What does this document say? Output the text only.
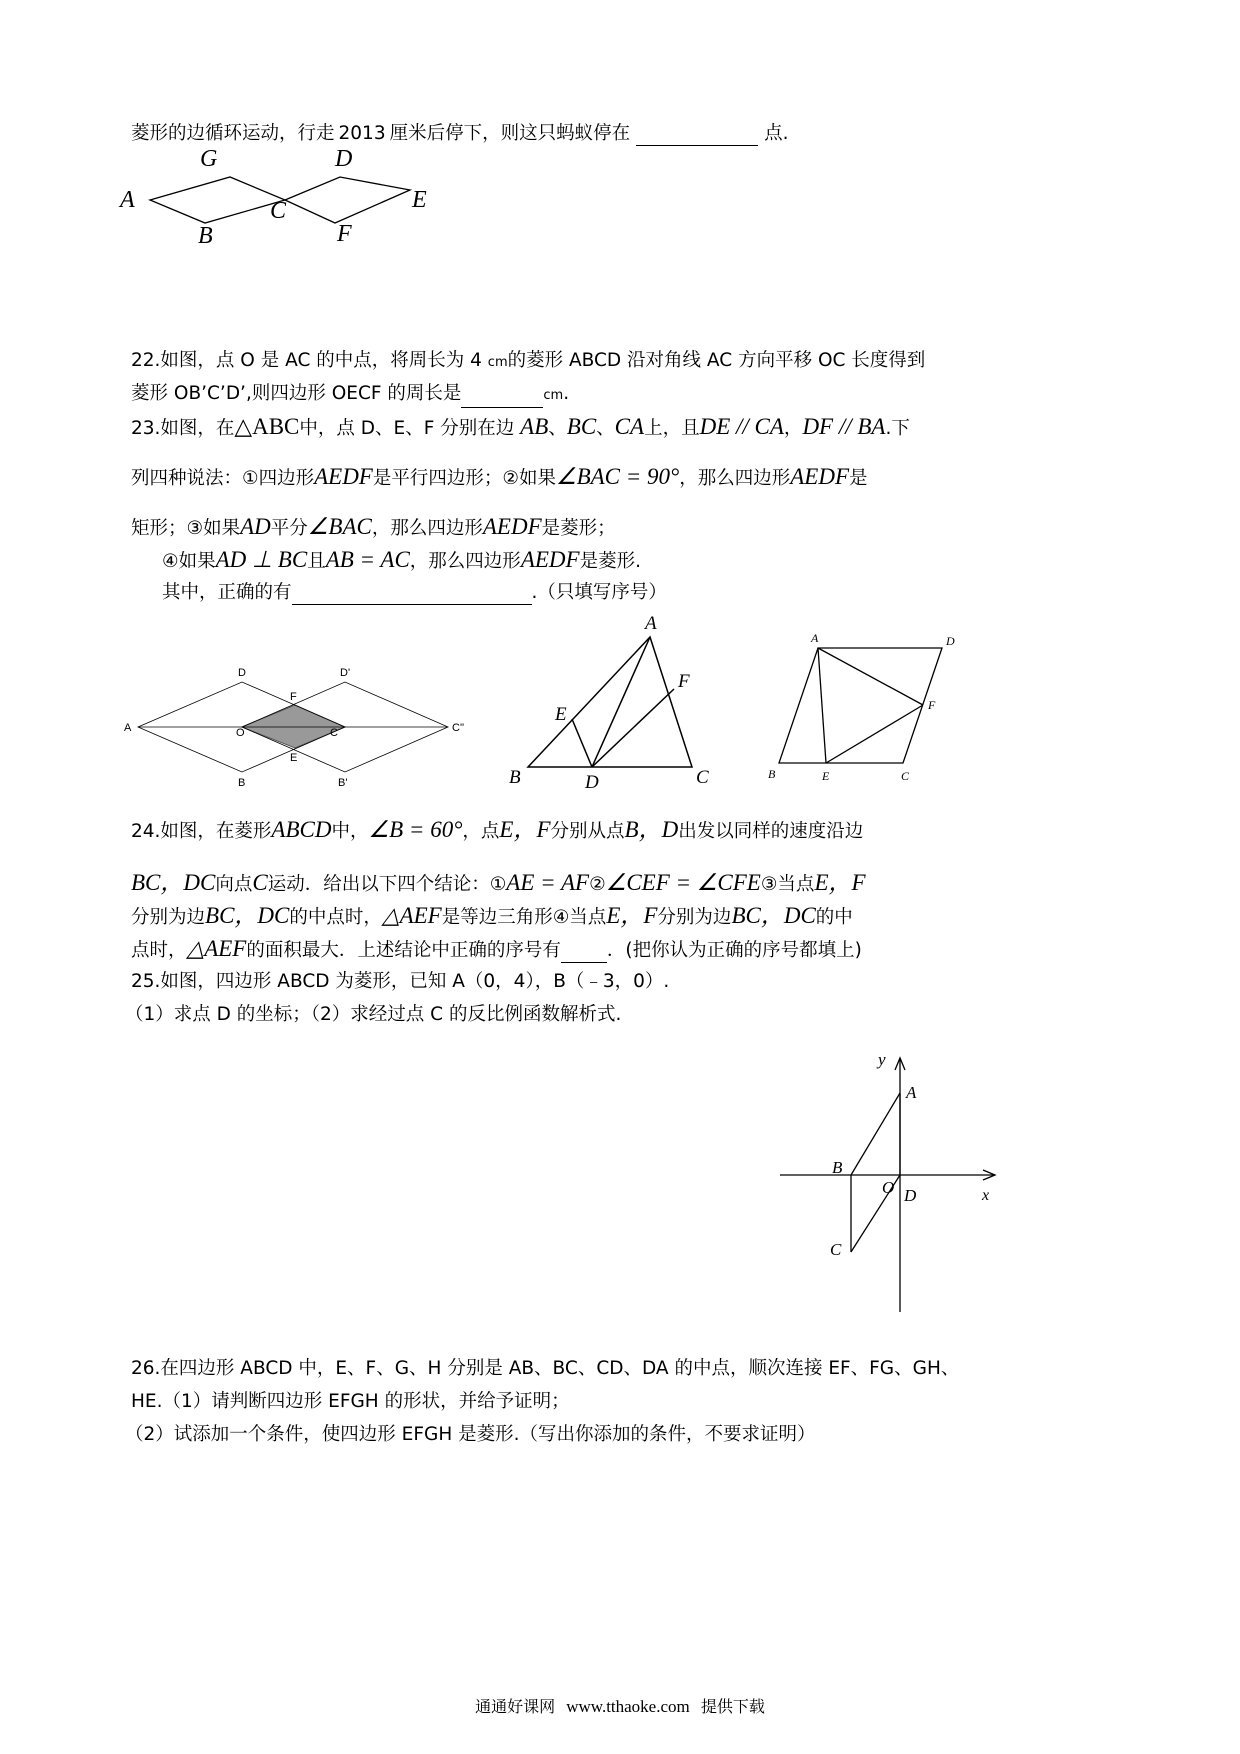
菱形的边循环运动，行走 2013 厘米后停下，则这只蚂蚁停在	点.
A
G
B
C
D
F
E
22.如图，点 O 是 AC 的中点，将周长为 4 cm的菱形 ABCD 沿对角线 AC 方向平移 OC 长度得到
菱形 OB’C’D’,则四边形 OECF 的周长是	cm.
23.如图，在△ABC中，点 D、E、F 分别在边 AB、BC、CA上，且DE // CA，DF // BA.下
列四种说法：①四边形AEDF是平行四边形；②如果∠BAC = 90°，那么四边形AEDF是
矩形；③如果AD平分∠BAC，那么四边形AEDF是菱形；
④如果AD ⊥ BC且AB = AC，那么四边形AEDF是菱形.
其中，正确的有	.（只填写序号）
D	D'
F
A	O	C	C''
B
E
B'
A
F
E
B	D	C
A	D
F
B	E	C
24.如图，在菱形ABCD中，∠B = 60°，点E，F分别从点B，D出发以同样的速度沿边
BC，DC向点C运动．给出以下四个结论：①AE = AF②∠CEF = ∠CFE③当点E，F
分别为边BC，DC的中点时，△AEF是等边三角形④当点E，F分别为边BC，DC的中
点时，△AEF的面积最大．上述结论中正确的序号有 ．(把你认为正确的序号都填上)
25.如图，四边形 ABCD 为菱形，已知 A（0，4），B（﹣3，0）.
（1）求点 D 的坐标；（2）求经过点 C 的反比例函数解析式.
y
A
B
O D	x
C
26.在四边形 ABCD 中，E、F、G、H 分别是 AB、BC、CD、DA 的中点，顺次连接 EF、FG、GH、
HE.（1）请判断四边形 EFGH 的形状，并给予证明；
（2）试添加一个条件，使四边形 EFGH 是菱形.（写出你添加的条件，不要求证明）
通通好课网 www.tthaoke.com 提供下载
